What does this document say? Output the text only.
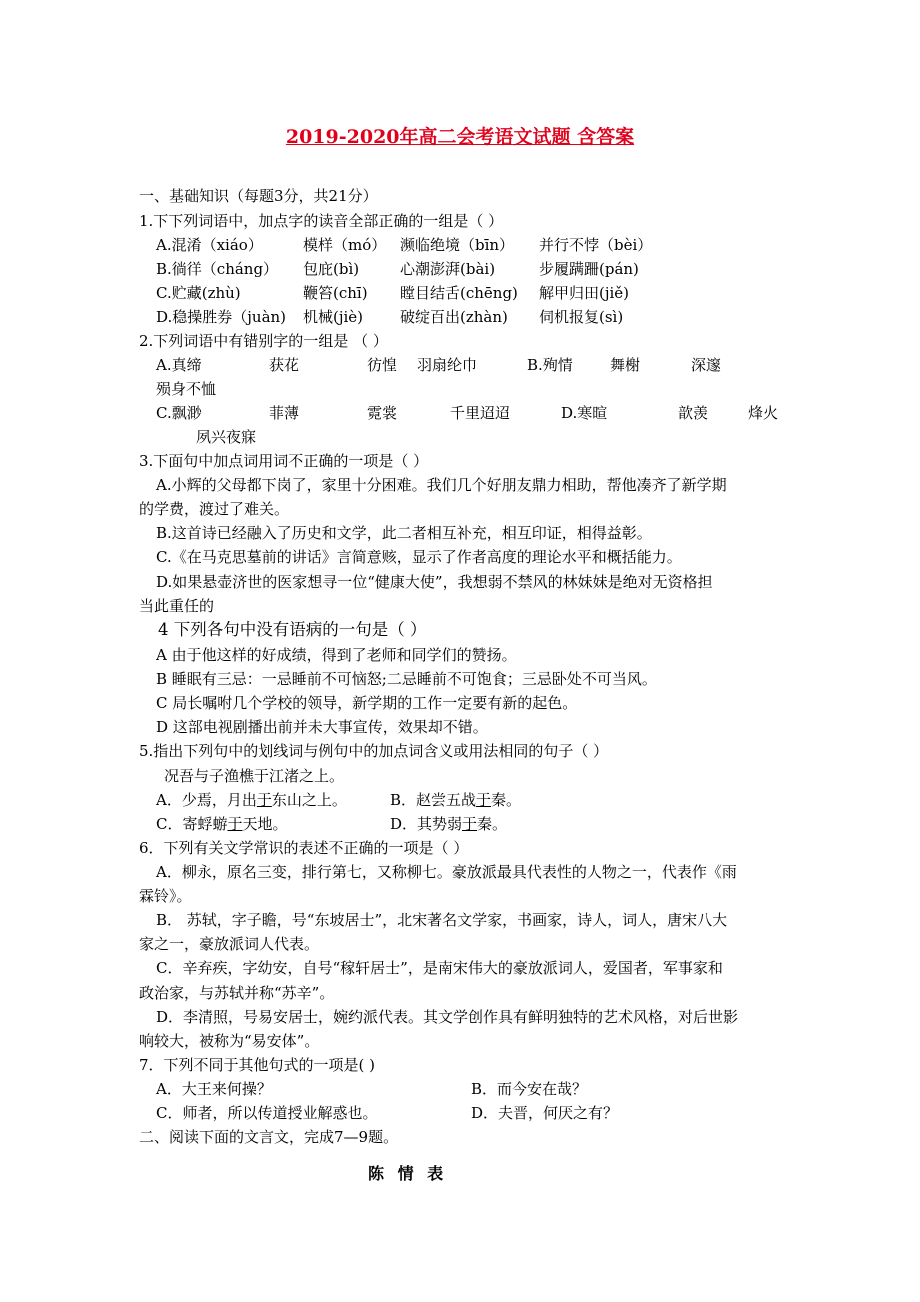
2019-2020年高二会考语文试题 含答案
一、基础知识（每题3分，共21分）
1.下下列词语中，加点字的读音全部正确的一组是（ ）
A.混淆（xiáo）	模样（mó） 濒临绝境（bīn） 并行不悖（bèi）
B.徜徉（cháng） 包庇(bì)	心潮澎湃(bài)	步履蹒跚(pán)
C.贮藏(zhù)	鞭笞(chī) 瞠目结舌(chēng) 解甲归田(jiě)
D.稳操胜券（juàn) 机械(jiè) 破绽百出(zhàn) 伺机报复(sì)
2.下列词语中有错别字的一组是 （ ）
A.真缔	获花	彷惶 羽扇纶巾	B.殉情 舞榭	深邃
殒身不恤
C.飘渺	菲薄	霓裳	千里迢迢	D.寒暄	歆羡	烽火
夙兴夜寐
3.下面句中加点词用词不正确的一项是（ ）
A.小辉的父母都下岗了，家里十分困难。我们几个好朋友鼎力相助，帮他凑齐了新学期
的学费，渡过了难关。
B.这首诗已经融入了历史和文学，此二者相互补充，相互印证，相得益彰。
C.《在马克思墓前的讲话》言简意赅，显示了作者高度的理论水平和概括能力。
D.如果悬壶济世的医家想寻一位“健康大使”，我想弱不禁风的林妹妹是绝对无资格担
当此重任的
4 下列各句中没有语病的一句是（ ）
A 由于他这样的好成绩，得到了老师和同学们的赞扬。
B 睡眠有三忌：一忌睡前不可恼怒;二忌睡前不可饱食；三忌卧处不可当风。
C 局长嘱咐几个学校的领导，新学期的工作一定要有新的起色。
D 这部电视剧播出前并未大事宣传，效果却不错。
5.指出下列句中的划线词与例句中的加点词含义或用法相同的句子（ ）
况吾与子渔樵于江渚之上。
A．少焉，月出于东山之上。	B．赵尝五战于秦。
C．寄蜉蝣于天地。	D．其势弱于秦。
6．下列有关文学常识的表述不正确的一项是（ ）
A．柳永，原名三变，排行第七，又称柳七。豪放派最具代表性的人物之一，代表作《雨
霖铃》。
B． 苏轼，字子瞻，号“东坡居士”，北宋著名文学家，书画家，诗人，词人，唐宋八大
家之一，豪放派词人代表。
C．辛弃疾，字幼安，自号“稼轩居士”，是南宋伟大的豪放派词人，爱国者，军事家和
政治家，与苏轼并称“苏辛”。
D．李清照，号易安居士，婉约派代表。其文学创作具有鲜明独特的艺术风格，对后世影
响较大，被称为“易安体”。
7．下列不同于其他句式的一项是( )
A．大王来何操？	B．而今安在哉？
C．师者，所以传道授业解惑也。	D．夫晋，何厌之有？
二、阅读下面的文言文，完成7—9题。
陈 情 表
